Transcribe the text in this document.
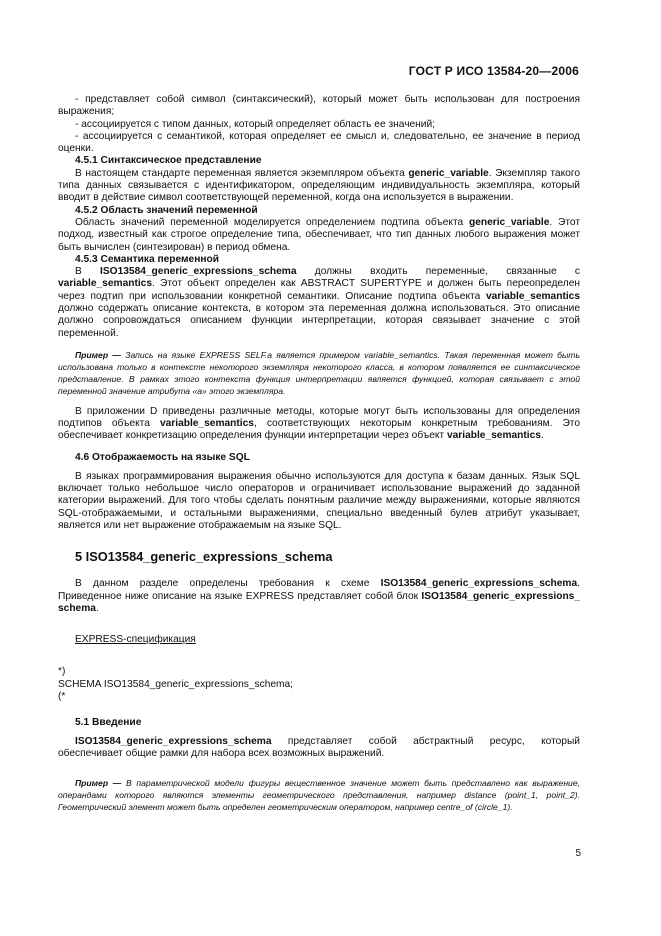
ГОСТ Р ИСО 13584-20—2006

- представляет собой символ (синтаксический), который может быть использован для построения выражения;

- ассоциируется с типом данных, который определяет область ее значений;

- ассоциируется с семантикой, которая определяет ее смысл и, следовательно, ее значение в период оценки.

4.5.1 Синтаксическое представление

В настоящем стандарте переменная является экземпляром объекта generic_variable. Экземпляр такого типа данных связывается с идентификатором, определяющим индивидуальность экземпляра, который вводит в действие символ соответствующей переменной, когда она используется в выражении.

4.5.2 Область значений переменной

Область значений переменной моделируется определением подтипа объекта generic_variable. Этот подход, известный как строгое определение типа, обеспечивает, что тип данных любого выражения может быть вычислен (синтезирован) в период обмена.

4.5.3 Семантика переменной

В ISO13584_generic_expressions_schema должны входить переменные, связанные с variable_semantics. Этот объект определен как ABSTRACT SUPERTYPE и должен быть переопределен через подтип при использовании конкретной семантики. Описание подтипа объекта variable_semantics должно содержать описание контекста, в котором эта переменная должна использоваться. Это описание должно сопровождаться описанием функции интерпретации, которая связывает значение с этой переменной.

Пример — Запись на языке EXPRESS SELF.a является примером variable_semantics. Такая переменная может быть использована только в контексте некоторого экземпляра некоторого класса, в котором появляется ее синтаксическое представление. В рамках этого контекста функция интерпретации является функцией, которая связывает с этой переменной значение атрибута «a» этого экземпляра.

В приложении D приведены различные методы, которые могут быть использованы для определения подтипов объекта variable_semantics, соответствующих некоторым конкретным требованиям. Это обеспечивает конкретизацию определения функции интерпретации через объект variable_semantics.

4.6 Отображаемость на языке SQL

В языках программирования выражения обычно используются для доступа к базам данных. Язык SQL включает только небольшое число операторов и ограничивает использование выражений до заданной категории выражений. Для того чтобы сделать понятным различие между выражениями, которые являются SQL-отображаемыми, и остальными выражениями, специально введенный булев атрибут указывает, является или нет выражение отображаемым на языке SQL.

5 ISO13584_generic_expressions_schema

В данном разделе определены требования к схеме ISO13584_generic_expressions_schema. Приведенное ниже описание на языке EXPRESS представляет собой блок ISO13584_generic_expressions_ schema.

EXPRESS-спецификация
*)
SCHEMA ISO13584_generic_expressions_schema;
(*
5.1 Введение

ISO13584_generic_expressions_schema представляет собой абстрактный ресурс, который обеспечивает общие рамки для набора всех возможных выражений.

Пример — В параметрической модели фигуры вещественное значение может быть представлено как выражение, операндами которого являются элементы геометрического представления, например distance (point_1, point_2). Геометрический элемент может быть определен геометрическим оператором, например centre_of (circle_1).

5
